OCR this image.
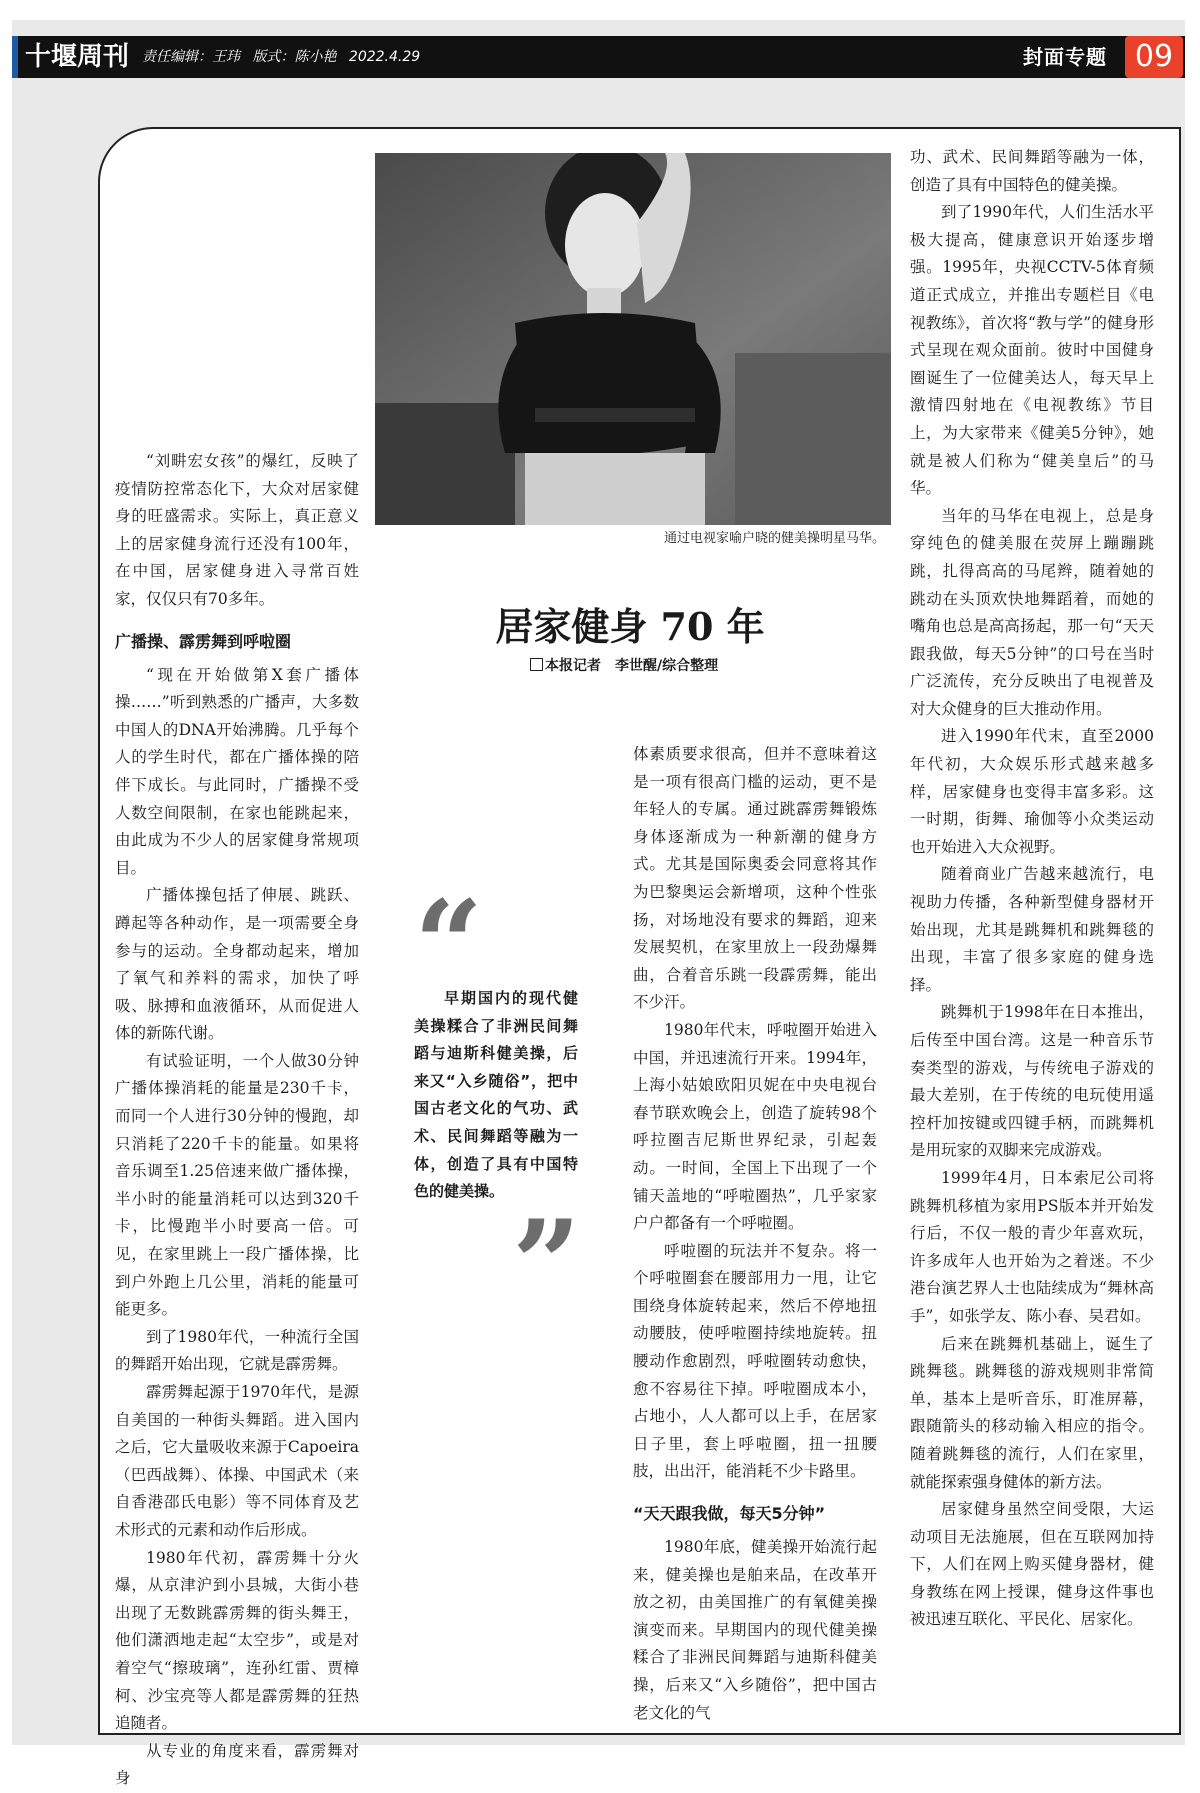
十堰周刊 责任编辑：王玮 版式：陈小艳 2022.4.29	封面专题 09
通过电视家喻户晓的健美操明星马华。
居家健身 70 年
本报记者　李世醒/综合整理
“

早期国内的现代健美操糅合了非洲民间舞蹈与迪斯科健美操，后来又“入乡随俗”，把中国古老文化的气功、武术、民间舞蹈等融为一体，创造了具有中国特色的健美操。

”

“刘畊宏女孩”的爆红，反映了疫情防控常态化下，大众对居家健身的旺盛需求。实际上，真正意义上的居家健身流行还没有100年，在中国，居家健身进入寻常百姓家，仅仅只有70多年。

广播操、霹雳舞到呼啦圈

“现在开始做第X套广播体操……”听到熟悉的广播声，大多数中国人的DNA开始沸腾。几乎每个人的学生时代，都在广播体操的陪伴下成长。与此同时，广播操不受人数空间限制，在家也能跳起来，由此成为不少人的居家健身常规项目。

广播体操包括了伸展、跳跃、蹲起等各种动作，是一项需要全身参与的运动。全身都动起来，增加了氧气和养料的需求，加快了呼吸、脉搏和血液循环，从而促进人体的新陈代谢。

有试验证明，一个人做30分钟广播体操消耗的能量是230千卡，而同一个人进行30分钟的慢跑，却只消耗了220千卡的能量。如果将音乐调至1.25倍速来做广播体操，半小时的能量消耗可以达到320千卡，比慢跑半小时要高一倍。可见，在家里跳上一段广播体操，比到户外跑上几公里，消耗的能量可能更多。

到了1980年代，一种流行全国的舞蹈开始出现，它就是霹雳舞。

霹雳舞起源于1970年代，是源自美国的一种街头舞蹈。进入国内之后，它大量吸收来源于Capoeira（巴西战舞）、体操、中国武术（来自香港邵氏电影）等不同体育及艺术形式的元素和动作后形成。

1980年代初，霹雳舞十分火爆，从京津沪到小县城，大街小巷出现了无数跳霹雳舞的街头舞王，他们潇洒地走起“太空步”，或是对着空气“擦玻璃”，连孙红雷、贾樟柯、沙宝亮等人都是霹雳舞的狂热追随者。

从专业的角度来看，霹雳舞对身

体素质要求很高，但并不意味着这是一项有很高门槛的运动，更不是年轻人的专属。通过跳霹雳舞锻炼身体逐渐成为一种新潮的健身方式。尤其是国际奥委会同意将其作为巴黎奥运会新增项，这种个性张扬，对场地没有要求的舞蹈，迎来发展契机，在家里放上一段劲爆舞曲，合着音乐跳一段霹雳舞，能出不少汗。

1980年代末，呼啦圈开始进入中国，并迅速流行开来。1994年，上海小姑娘欧阳贝妮在中央电视台春节联欢晚会上，创造了旋转98个呼拉圈吉尼斯世界纪录，引起轰动。一时间，全国上下出现了一个铺天盖地的“呼啦圈热”，几乎家家户户都备有一个呼啦圈。

呼啦圈的玩法并不复杂。将一个呼啦圈套在腰部用力一甩，让它围绕身体旋转起来，然后不停地扭动腰肢，使呼啦圈持续地旋转。扭腰动作愈剧烈，呼啦圈转动愈快，愈不容易往下掉。呼啦圈成本小，占地小，人人都可以上手，在居家日子里，套上呼啦圈，扭一扭腰肢，出出汗，能消耗不少卡路里。

“天天跟我做，每天5分钟”

1980年底，健美操开始流行起来，健美操也是舶来品，在改革开放之初，由美国推广的有氧健美操演变而来。早期国内的现代健美操糅合了非洲民间舞蹈与迪斯科健美操，后来又“入乡随俗”，把中国古老文化的气

功、武术、民间舞蹈等融为一体，创造了具有中国特色的健美操。

到了1990年代，人们生活水平极大提高，健康意识开始逐步增强。1995年，央视CCTV-5体育频道正式成立，并推出专题栏目《电视教练》，首次将“教与学”的健身形式呈现在观众面前。彼时中国健身圈诞生了一位健美达人，每天早上激情四射地在《电视教练》节目上，为大家带来《健美5分钟》，她就是被人们称为“健美皇后”的马华。

当年的马华在电视上，总是身穿纯色的健美服在荧屏上蹦蹦跳跳，扎得高高的马尾辫，随着她的跳动在头顶欢快地舞蹈着，而她的嘴角也总是高高扬起，那一句“天天跟我做，每天5分钟”的口号在当时广泛流传，充分反映出了电视普及对大众健身的巨大推动作用。

进入1990年代末，直至2000年代初，大众娱乐形式越来越多样，居家健身也变得丰富多彩。这一时期，街舞、瑜伽等小众类运动也开始进入大众视野。

随着商业广告越来越流行，电视助力传播，各种新型健身器材开始出现，尤其是跳舞机和跳舞毯的出现，丰富了很多家庭的健身选择。

跳舞机于1998年在日本推出，后传至中国台湾。这是一种音乐节奏类型的游戏，与传统电子游戏的最大差别，在于传统的电玩使用遥控杆加按键或四键手柄，而跳舞机是用玩家的双脚来完成游戏。

1999年4月，日本索尼公司将跳舞机移植为家用PS版本并开始发行后，不仅一般的青少年喜欢玩，许多成年人也开始为之着迷。不少港台演艺界人士也陆续成为“舞林高手”，如张学友、陈小春、吴君如。

后来在跳舞机基础上，诞生了跳舞毯。跳舞毯的游戏规则非常简单，基本上是听音乐，盯准屏幕，跟随箭头的移动输入相应的指令。随着跳舞毯的流行，人们在家里，就能探索强身健体的新方法。

居家健身虽然空间受限，大运动项目无法施展，但在互联网加持下，人们在网上购买健身器材，健身教练在网上授课，健身这件事也被迅速互联化、平民化、居家化。
